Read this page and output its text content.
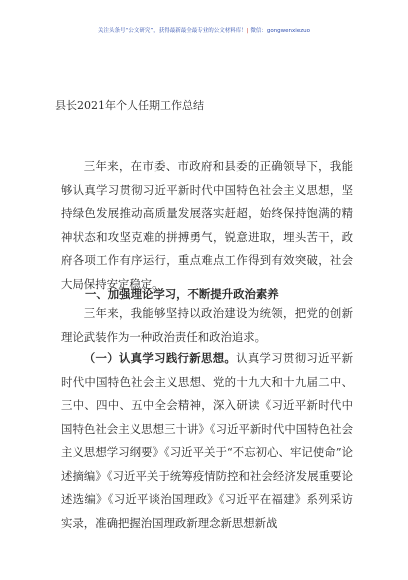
关注头条号“公文研究”，获得最新最全最专业的公文材料库！| 微信：gongwenxiezuo
县长2021年个人任期工作总结

三年来，在市委、市政府和县委的正确领导下，我能够认真学习贯彻习近平新时代中国特色社会主义思想，坚持绿色发展推动高质量发展落实赶超，始终保持饱满的精神状态和攻坚克难的拼搏勇气，锐意进取，埋头苦干，政府各项工作有序运行，重点难点工作得到有效突破，社会大局保持安定稳定。

一、加强理论学习，不断提升政治素养

三年来，我能够坚持以政治建设为统领，把党的创新理论武装作为一种政治责任和政治追求。

（一）认真学习践行新思想。认真学习贯彻习近平新时代中国特色社会主义思想、党的十九大和十九届二中、三中、四中、五中全会精神，深入研读《习近平新时代中国特色社会主义思想三十讲》《习近平新时代中国特色社会主义思想学习纲要》《习近平关于“不忘初心、牢记使命”论述摘编》《习近平关于统筹疫情防控和社会经济发展重要论述选编》《习近平谈治国理政》《习近平在福建》系列采访实录，准确把握治国理政新理念新思想新战
